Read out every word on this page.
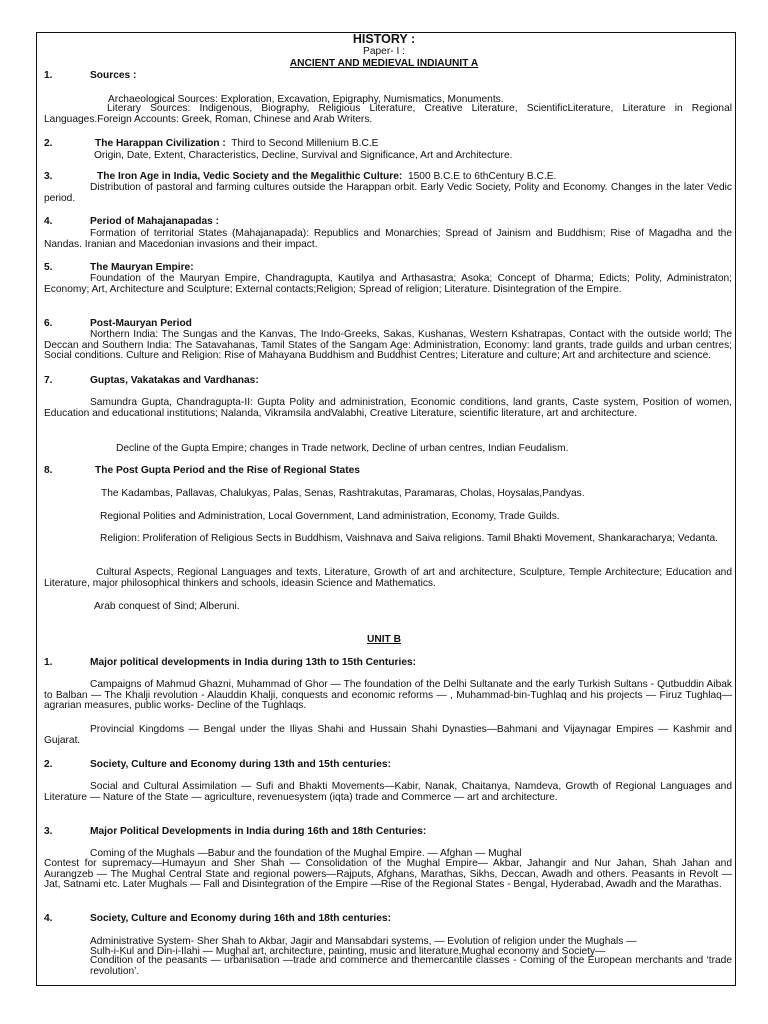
HISTORY :
Paper- I :
ANCIENT AND MEDIEVAL INDIAUNIT A
1.	Sources :
Archaeological Sources: Exploration, Excavation, Epigraphy, Numismatics, Monuments.
Literary Sources: Indigenous, Biography, Religious Literature, Creative Literature, ScientificLiterature, Literature in Regional Languages.Foreign Accounts: Greek, Roman, Chinese and Arab Writers.
2.	The Harappan Civilization : Third to Second Millenium B.C.E
Origin, Date, Extent, Characteristics, Decline, Survival and Significance, Art and Architecture.
3.	The Iron Age in India, Vedic Society and the Megalithic Culture: 1500 B.C.E to 6thCentury B.C.E.
Distribution of pastoral and farming cultures outside the Harappan orbit. Early Vedic Society, Polity and Economy. Changes in the later Vedic period.
4.	Period of Mahajanapadas :
Formation of territorial States (Mahajanapada): Republics and Monarchies; Spread of Jainism and Buddhism; Rise of Magadha and the Nandas. Iranian and Macedonian invasions and their impact.
5.	The Mauryan Empire:
Foundation of the Mauryan Empire, Chandragupta, Kautilya and Arthasastra; Asoka; Concept of Dharma; Edicts; Polity, Administraton; Economy; Art, Architecture and Sculpture; External contacts;Religion; Spread of religion; Literature. Disintegration of the Empire.
6.	Post-Mauryan Period
Northern India: The Sungas and the Kanvas, The Indo-Greeks, Sakas, Kushanas, Western Kshatrapas, Contact with the outside world; The Deccan and Southern India: The Satavahanas, Tamil States of the Sangam Age: Administration, Economy: land grants, trade guilds and urban centres; Social conditions. Culture and Religion: Rise of Mahayana Buddhism and Buddhist Centres; Literature and culture; Art and architecture and science.
7.	Guptas, Vakatakas and Vardhanas:
Samundra Gupta, Chandragupta-II: Gupta Polity and administration, Economic conditions, land grants, Caste system, Position of women, Education and educational institutions; Nalanda, Vikramsila andValabhi, Creative Literature, scientific literature, art and architecture.
Decline of the Gupta Empire; changes in Trade network, Decline of urban centres, Indian Feudalism.
8.	The Post Gupta Period and the Rise of Regional States
The Kadambas, Pallavas, Chalukyas, Palas, Senas, Rashtrakutas, Paramaras, Cholas, Hoysalas,Pandyas.
Regional Polities and Administration, Local Government, Land administration, Economy, Trade Guilds.
Religion: Proliferation of Religious Sects in Buddhism, Vaishnava and Saiva religions. Tamil Bhakti Movement, Shankaracharya; Vedanta.
Cultural Aspects, Regional Languages and texts, Literature, Growth of art and architecture, Sculpture, Temple Architecture; Education and Literature, major philosophical thinkers and schools, ideasin Science and Mathematics.
Arab conquest of Sind; Alberuni.
UNIT B
1.	Major political developments in India during 13th to 15th Centuries:
Campaigns of Mahmud Ghazni, Muhammad of Ghor — The foundation of the Delhi Sultanate and the early Turkish Sultans - Qutbuddin Aibak to Balban — The Khalji revolution - Alauddin Khalji, conquests and economic reforms — , Muhammad-bin-Tughlaq and his projects — Firuz Tughlaq— agrarian measures, public works- Decline of the Tughlaqs.
Provincial Kingdoms — Bengal under the Iliyas Shahi and Hussain Shahi Dynasties—Bahmani and Vijaynagar Empires — Kashmir and Gujarat.
2.	Society, Culture and Economy during 13th and 15th centuries:
Social and Cultural Assimilation — Sufi and Bhakti Movements—Kabir, Nanak, Chaitanya, Namdeva, Growth of Regional Languages and Literature — Nature of the State — agriculture, revenuesystem (iqta) trade and Commerce — art and architecture.
3.	Major Political Developments in India during 16th and 18th Centuries:
Coming of the Mughals —Babur and the foundation of the Mughal Empire. — Afghan — Mughal
Contest for supremacy—Humayun and Sher Shah — Consolidation of the Mughal Empire— Akbar, Jahangir and Nur Jahan, Shah Jahan and Aurangzeb — The Mughal Central State and regional powers—Rajputs, Afghans, Marathas, Sikhs, Deccan, Awadh and others. Peasants in Revolt — Jat, Satnami etc. Later Mughals — Fall and Disintegration of the Empire —Rise of the Regional States - Bengal, Hyderabad, Awadh and the Marathas.
4.	Society, Culture and Economy during 16th and 18th centuries:
Administrative System- Sher Shah to Akbar, Jagir and Mansabdari systems, — Evolution of religion under the Mughals —
Sulh-i-Kul and Din-i-Ilahi — Mughal art, architecture, painting, music and literature,Mughal economy and Society—
Condition of the peasants — urbanisation —trade and commerce and themercantile classes - Coming of the European merchants and ‘trade revolution’.
